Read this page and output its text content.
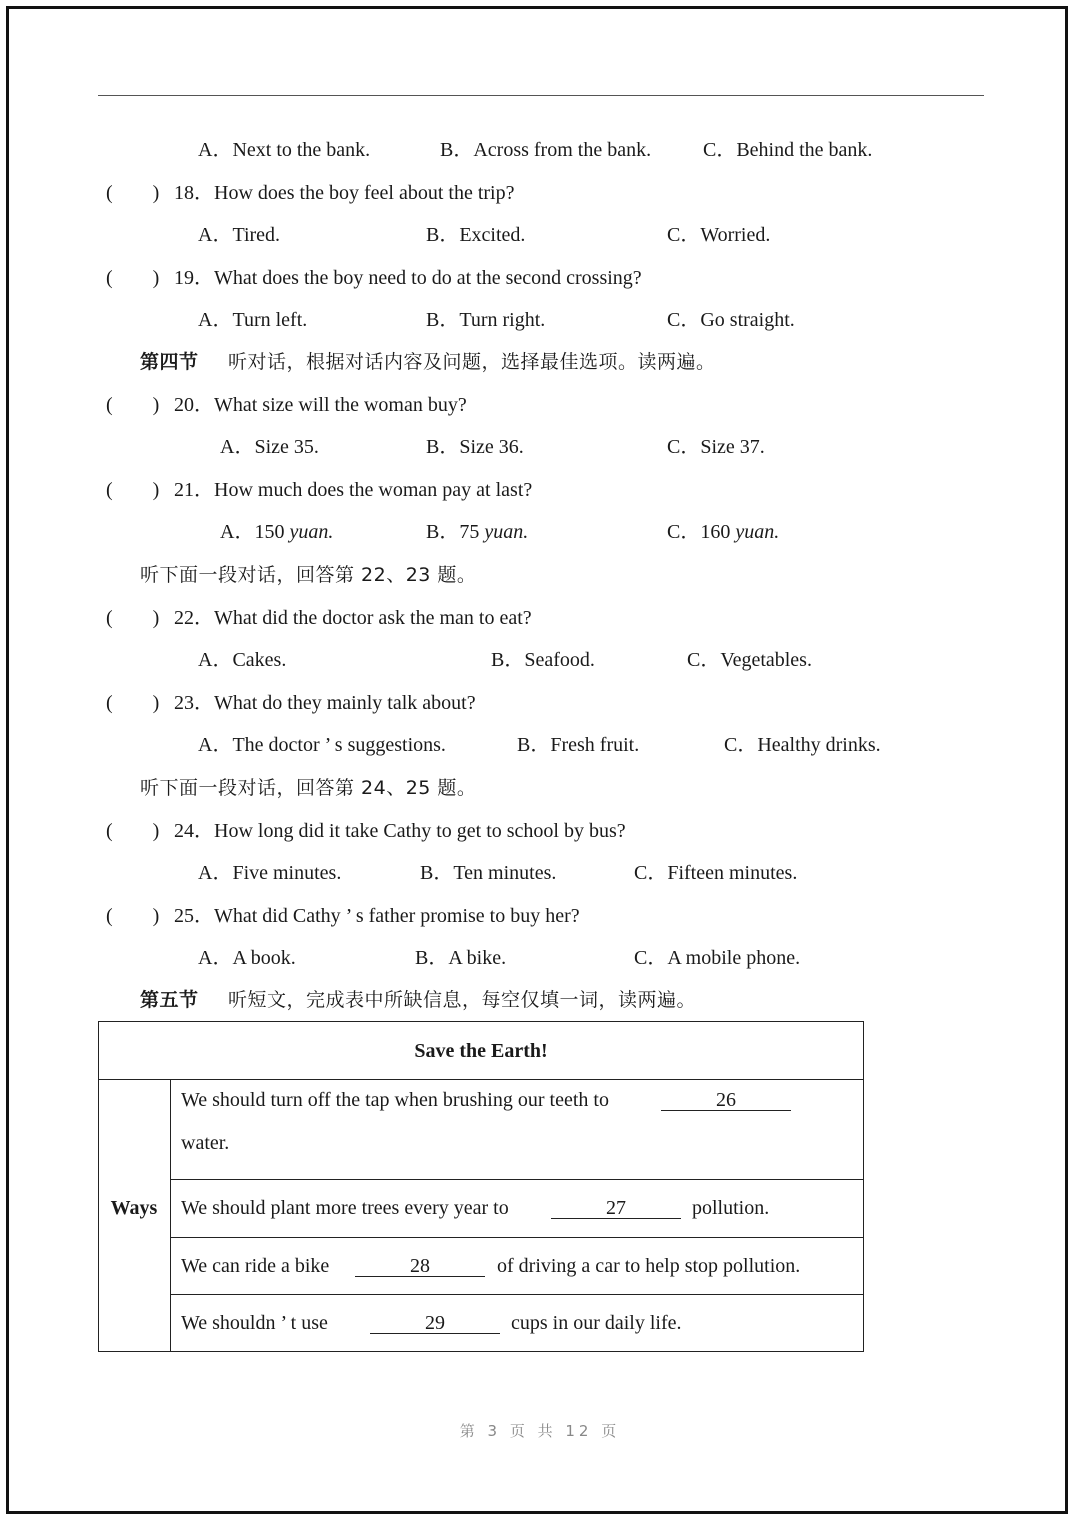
A．Next to the bank.	B．Across from the bank.	C．Behind the bank.
(　　) 18．How does the boy feel about the trip?
A．Tired.	B．Excited.	C．Worried.
(　　) 19．What does the boy need to do at the second crossing?
A．Turn left.	B．Turn right.	C．Go straight.
第四节 听对话，根据对话内容及问题，选择最佳选项。读两遍。
(　　) 20．What size will the woman buy?
A．Size 35.	B．Size 36.	C．Size 37.
(　　) 21．How much does the woman pay at last?
A．150 yuan.	B．75 yuan.	C．160 yuan.
听下面一段对话，回答第 22、23 题。
(　　) 22．What did the doctor ask the man to eat?
A．Cakes.	B．Seafood.	C．Vegetables.
(　　) 23．What do they mainly talk about?
A．The doctor ’ s suggestions.	B．Fresh fruit.	C．Healthy drinks.
听下面一段对话，回答第 24、25 题。
(　　) 24．How long did it take Cathy to get to school by bus?
A．Five minutes.	B．Ten minutes.	C．Fifteen minutes.
(　　) 25．What did Cathy ’ s father promise to buy her?
A．A book.	B．A bike.	C．A mobile phone.
第五节 听短文，完成表中所缺信息，每空仅填一词，读两遍。
Save the Earth!
Ways
We should turn off the tap when brushing our teeth to	26
water.
We should plant more trees every year to	27	pollution.
We can ride a bike	28	of driving a car to help stop pollution.
We shouldn ’ t use	29	cups in our daily life.
第 3 页 共 12 页
